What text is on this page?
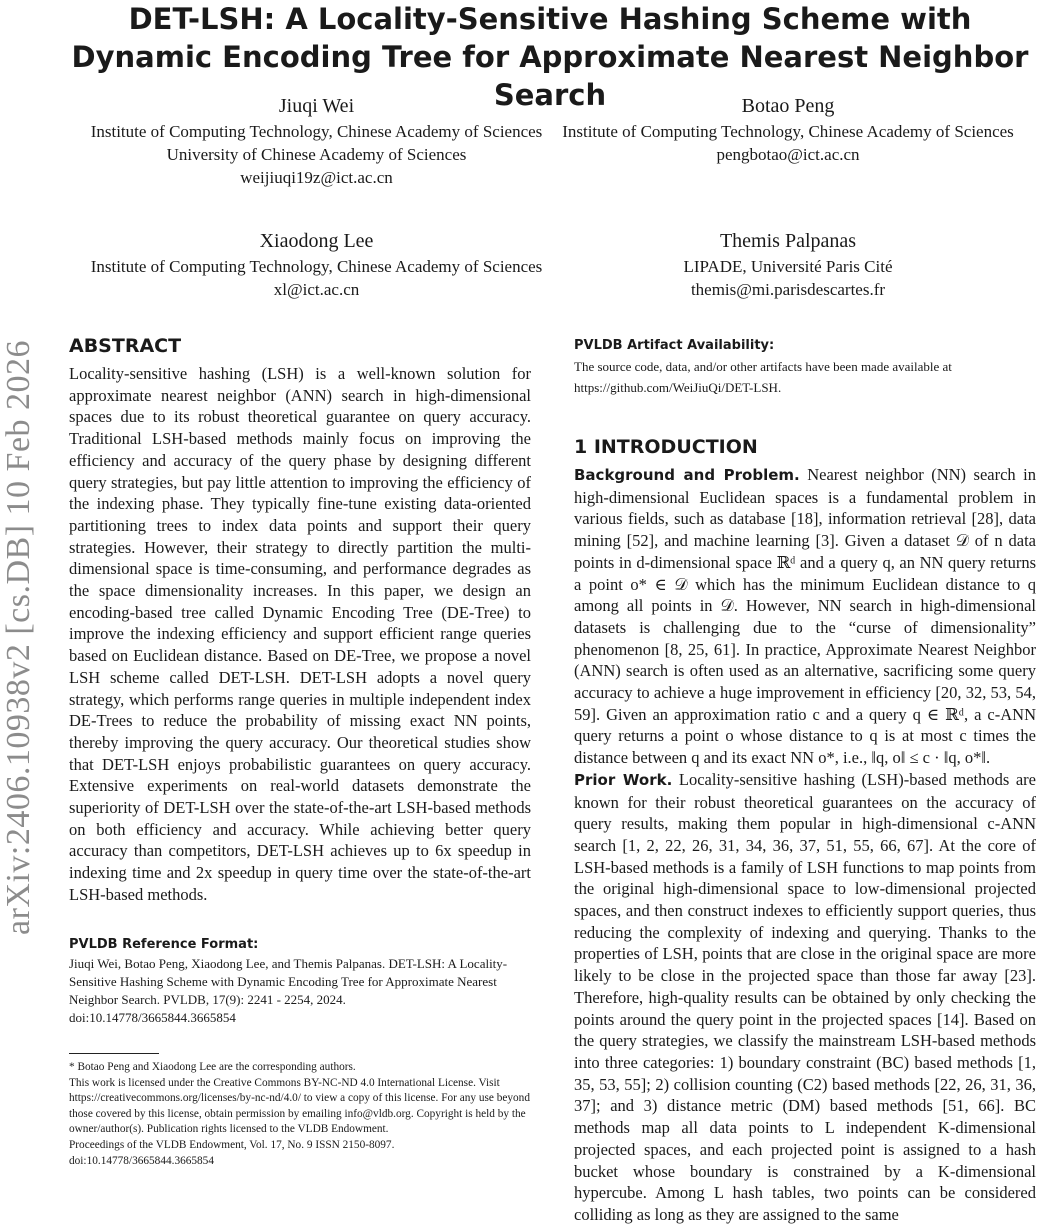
DET-LSH: A Locality-Sensitive Hashing Scheme with Dynamic Encoding Tree for Approximate Nearest Neighbor Search
arXiv:2406.10938v2 [cs.DB] 10 Feb 2026
Jiuqi Wei
Institute of Computing Technology, Chinese Academy of Sciences
University of Chinese Academy of Sciences
weijiuqi19z@ict.ac.cn
Botao Peng
Institute of Computing Technology, Chinese Academy of Sciences
pengbotao@ict.ac.cn
Xiaodong Lee
Institute of Computing Technology, Chinese Academy of Sciences
xl@ict.ac.cn
Themis Palpanas
LIPADE, Université Paris Cité
themis@mi.parisdescartes.fr
ABSTRACT

Locality-sensitive hashing (LSH) is a well-known solution for approximate nearest neighbor (ANN) search in high-dimensional spaces due to its robust theoretical guarantee on query accuracy. Traditional LSH-based methods mainly focus on improving the efficiency and accuracy of the query phase by designing different query strategies, but pay little attention to improving the efficiency of the indexing phase. They typically fine-tune existing data-oriented partitioning trees to index data points and support their query strategies. However, their strategy to directly partition the multi-dimensional space is time-consuming, and performance degrades as the space dimensionality increases. In this paper, we design an encoding-based tree called Dynamic Encoding Tree (DE-Tree) to improve the indexing efficiency and support efficient range queries based on Euclidean distance. Based on DE-Tree, we propose a novel LSH scheme called DET-LSH. DET-LSH adopts a novel query strategy, which performs range queries in multiple independent index DE-Trees to reduce the probability of missing exact NN points, thereby improving the query accuracy. Our theoretical studies show that DET-LSH enjoys probabilistic guarantees on query accuracy. Extensive experiments on real-world datasets demonstrate the superiority of DET-LSH over the state-of-the-art LSH-based methods on both efficiency and accuracy. While achieving better query accuracy than competitors, DET-LSH achieves up to 6x speedup in indexing time and 2x speedup in query time over the state-of-the-art LSH-based methods.

PVLDB Reference Format:

Jiuqi Wei, Botao Peng, Xiaodong Lee, and Themis Palpanas. DET-LSH: A Locality-Sensitive Hashing Scheme with Dynamic Encoding Tree for Approximate Nearest Neighbor Search. PVLDB, 17(9): 2241 - 2254, 2024.

doi:10.14778/3665844.3665854

* Botao Peng and Xiaodong Lee are the corresponding authors.

This work is licensed under the Creative Commons BY-NC-ND 4.0 International License. Visit https://creativecommons.org/licenses/by-nc-nd/4.0/ to view a copy of this license. For any use beyond those covered by this license, obtain permission by emailing info@vldb.org. Copyright is held by the owner/author(s). Publication rights licensed to the VLDB Endowment.

Proceedings of the VLDB Endowment, Vol. 17, No. 9 ISSN 2150-8097.

doi:10.14778/3665844.3665854

PVLDB Artifact Availability:

The source code, data, and/or other artifacts have been made available at https://github.com/WeiJiuQi/DET-LSH.

1 INTRODUCTION

Background and Problem. Nearest neighbor (NN) search in high-dimensional Euclidean spaces is a fundamental problem in various fields, such as database [18], information retrieval [28], data mining [52], and machine learning [3]. Given a dataset 𝒟 of n data points in d-dimensional space ℝᵈ and a query q, an NN query returns a point o* ∈ 𝒟 which has the minimum Euclidean distance to q among all points in 𝒟. However, NN search in high-dimensional datasets is challenging due to the “curse of dimensionality” phenomenon [8, 25, 61]. In practice, Approximate Nearest Neighbor (ANN) search is often used as an alternative, sacrificing some query accuracy to achieve a huge improvement in efficiency [20, 32, 53, 54, 59]. Given an approximation ratio c and a query q ∈ ℝᵈ, a c-ANN query returns a point o whose distance to q is at most c times the distance between q and its exact NN o*, i.e., ‖q, o‖ ≤ c · ‖q, o*‖.

Prior Work. Locality-sensitive hashing (LSH)-based methods are known for their robust theoretical guarantees on the accuracy of query results, making them popular in high-dimensional c-ANN search [1, 2, 22, 26, 31, 34, 36, 37, 51, 55, 66, 67]. At the core of LSH-based methods is a family of LSH functions to map points from the original high-dimensional space to low-dimensional projected spaces, and then construct indexes to efficiently support queries, thus reducing the complexity of indexing and querying. Thanks to the properties of LSH, points that are close in the original space are more likely to be close in the projected space than those far away [23]. Therefore, high-quality results can be obtained by only checking the points around the query point in the projected spaces [14]. Based on the query strategies, we classify the mainstream LSH-based methods into three categories: 1) boundary constraint (BC) based methods [1, 35, 53, 55]; 2) collision counting (C2) based methods [22, 26, 31, 36, 37]; and 3) distance metric (DM) based methods [51, 66]. BC methods map all data points to L independent K-dimensional projected spaces, and each projected point is assigned to a hash bucket whose boundary is constrained by a K-dimensional hypercube. Among L hash tables, two points can be considered colliding as long as they are assigned to the same
